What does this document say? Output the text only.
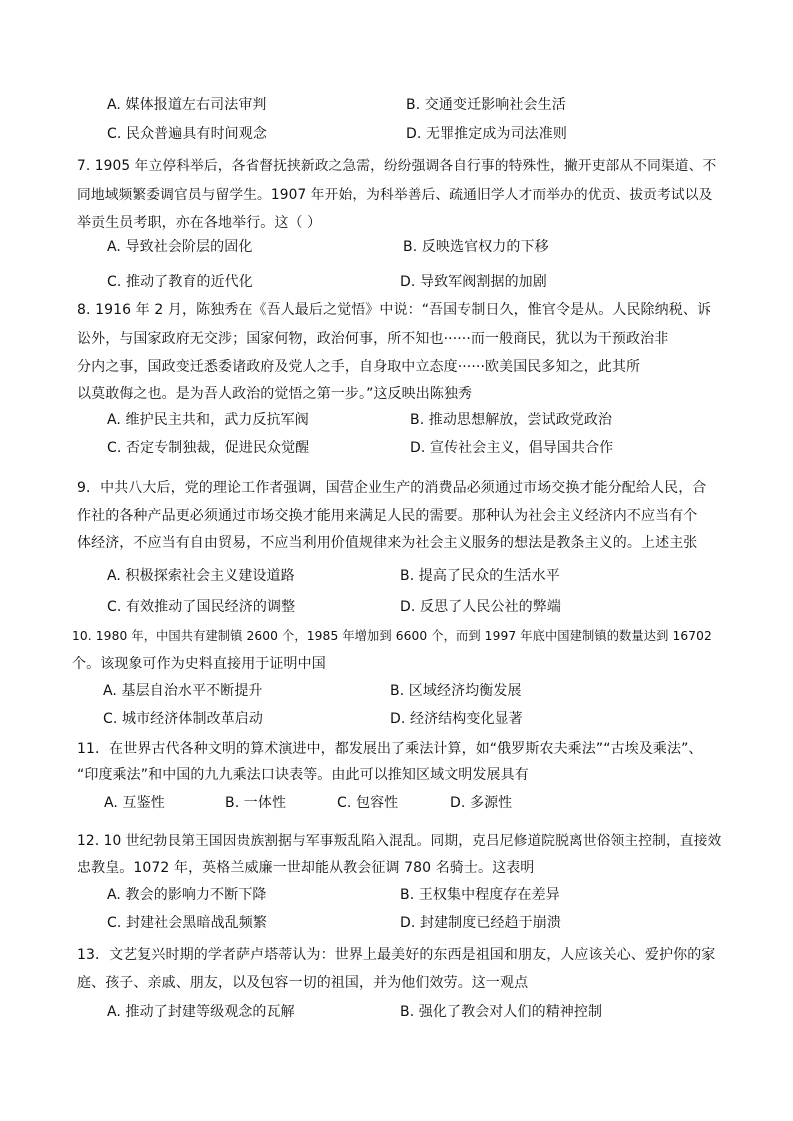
A. 媒体报道左右司法审判	B. 交通变迁影响社会生活
C. 民众普遍具有时间观念	D. 无罪推定成为司法准则
7. 1905 年立停科举后，各省督抚挟新政之急需，纷纷强调各自行事的特殊性，撇开吏部从不同渠道、不
同地域频繁委调官员与留学生。1907 年开始，为科举善后、疏通旧学人才而举办的优贡、拔贡考试以及
举贡生员考职，亦在各地举行。这（ ）
A. 导致社会阶层的固化	B. 反映选官权力的下移
C. 推动了教育的近代化	D. 导致军阀割据的加剧
8. 1916 年 2 月，陈独秀在《吾人最后之觉悟》中说：“吾国专制日久，惟官令是从。人民除纳税、诉
讼外，与国家政府无交涉；国家何物，政治何事，所不知也······而一般商民，犹以为干预政治非
分内之事，国政变迁悉委诸政府及党人之手，自身取中立态度······欧美国民多知之，此其所
以莫敢侮之也。是为吾人政治的觉悟之第一步。”这反映出陈独秀
A. 维护民主共和，武力反抗军阀	B. 推动思想解放，尝试政党政治
C. 否定专制独裁，促进民众觉醒	D. 宣传社会主义，倡导国共合作
9．中共八大后，党的理论工作者强调，国营企业生产的消费品必须通过市场交换才能分配给人民，合
作社的各种产品更必须通过市场交换才能用来满足人民的需要。那种认为社会主义经济内不应当有个
体经济，不应当有自由贸易，不应当利用价值规律来为社会主义服务的想法是教条主义的。上述主张
A. 积极探索社会主义建设道路	B. 提高了民众的生活水平
C. 有效推动了国民经济的调整	D. 反思了人民公社的弊端
10. 1980 年，中国共有建制镇 2600 个，1985 年增加到 6600 个，而到 1997 年底中国建制镇的数量达到 16702
个。该现象可作为史料直接用于证明中国
A. 基层自治水平不断提升	B. 区域经济均衡发展
C. 城市经济体制改革启动	D. 经济结构变化显著
11．在世界古代各种文明的算术演进中，都发展出了乘法计算，如“俄罗斯农夫乘法”“古埃及乘法”、
“印度乘法”和中国的九九乘法口诀表等。由此可以推知区域文明发展具有
A. 互鉴性	B. 一体性	C. 包容性	D. 多源性
12. 10 世纪勃艮第王国因贵族割据与军事叛乱陷入混乱。同期，克吕尼修道院脱离世俗领主控制，直接效
忠教皇。1072 年，英格兰威廉一世却能从教会征调 780 名骑士。这表明
A. 教会的影响力不断下降	B. 王权集中程度存在差异
C. 封建社会黑暗战乱频繁	D. 封建制度已经趋于崩溃
13．文艺复兴时期的学者萨卢塔蒂认为：世界上最美好的东西是祖国和朋友，人应该关心、爱护你的家
庭、孩子、亲戚、朋友，以及包容一切的祖国，并为他们效劳。这一观点
A. 推动了封建等级观念的瓦解	B. 强化了教会对人们的精神控制
